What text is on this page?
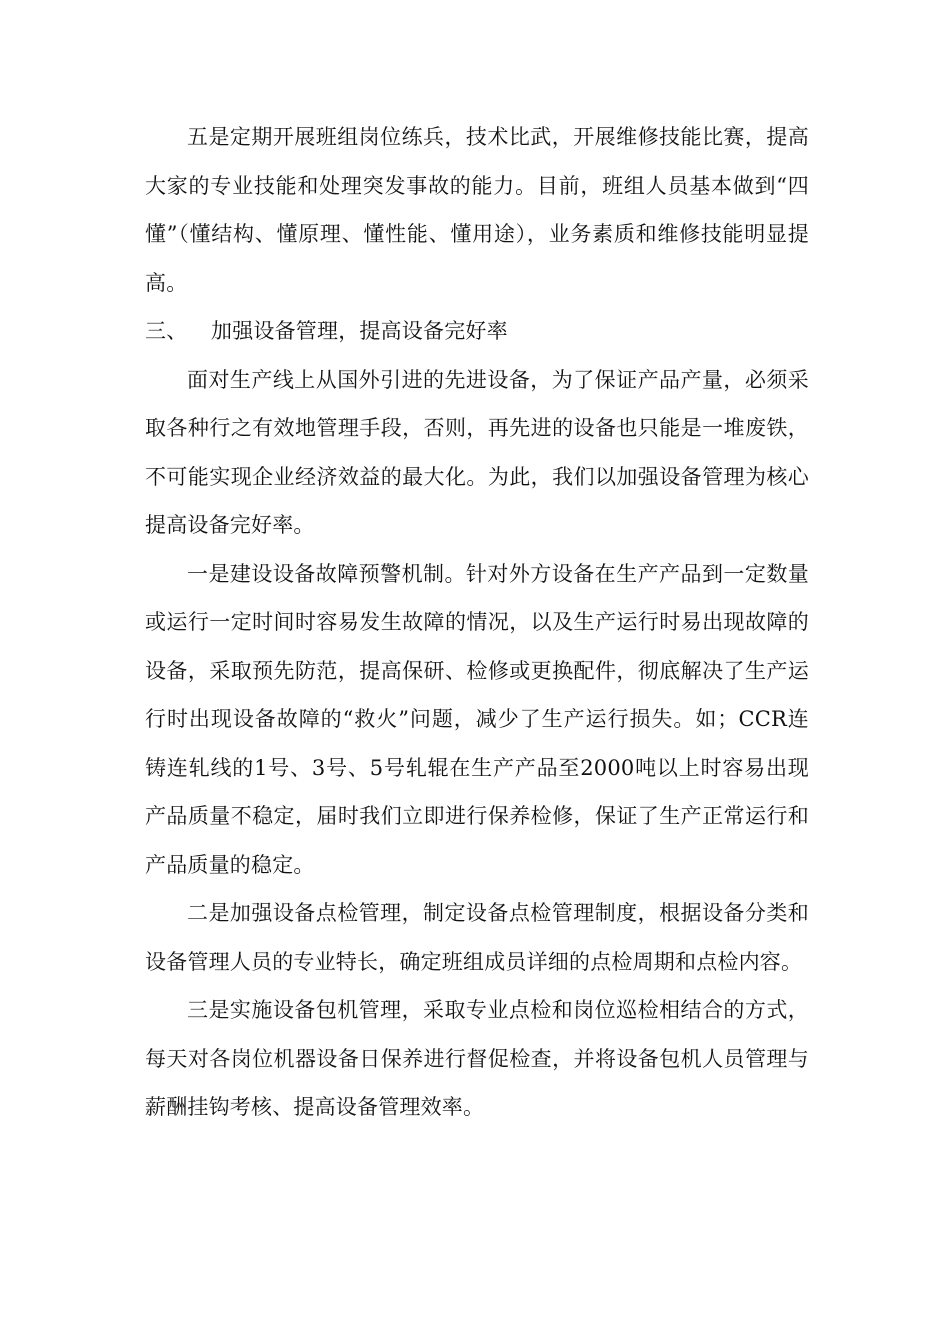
五是定期开展班组岗位练兵，技术比武，开展维修技能比赛，提高大家的专业技能和处理突发事故的能力。目前，班组人员基本做到“四懂”（懂结构、懂原理、懂性能、懂用途），业务素质和维修技能明显提高。

三、	加强设备管理，提高设备完好率

面对生产线上从国外引进的先进设备，为了保证产品产量，必须采取各种行之有效地管理手段，否则，再先进的设备也只能是一堆废铁，不可能实现企业经济效益的最大化。为此，我们以加强设备管理为核心提高设备完好率。

一是建设设备故障预警机制。针对外方设备在生产产品到一定数量或运行一定时间时容易发生故障的情况，以及生产运行时易出现故障的设备，采取预先防范，提高保研、检修或更换配件，彻底解决了生产运行时出现设备故障的“救火”问题，减少了生产运行损失。如；CCR连铸连轧线的1号、3号、5号轧辊在生产产品至2000吨以上时容易出现产品质量不稳定，届时我们立即进行保养检修，保证了生产正常运行和产品质量的稳定。

二是加强设备点检管理，制定设备点检管理制度，根据设备分类和设备管理人员的专业特长，确定班组成员详细的点检周期和点检内容。

三是实施设备包机管理，采取专业点检和岗位巡检相结合的方式，每天对各岗位机器设备日保养进行督促检查，并将设备包机人员管理与薪酬挂钩考核、提高设备管理效率。
